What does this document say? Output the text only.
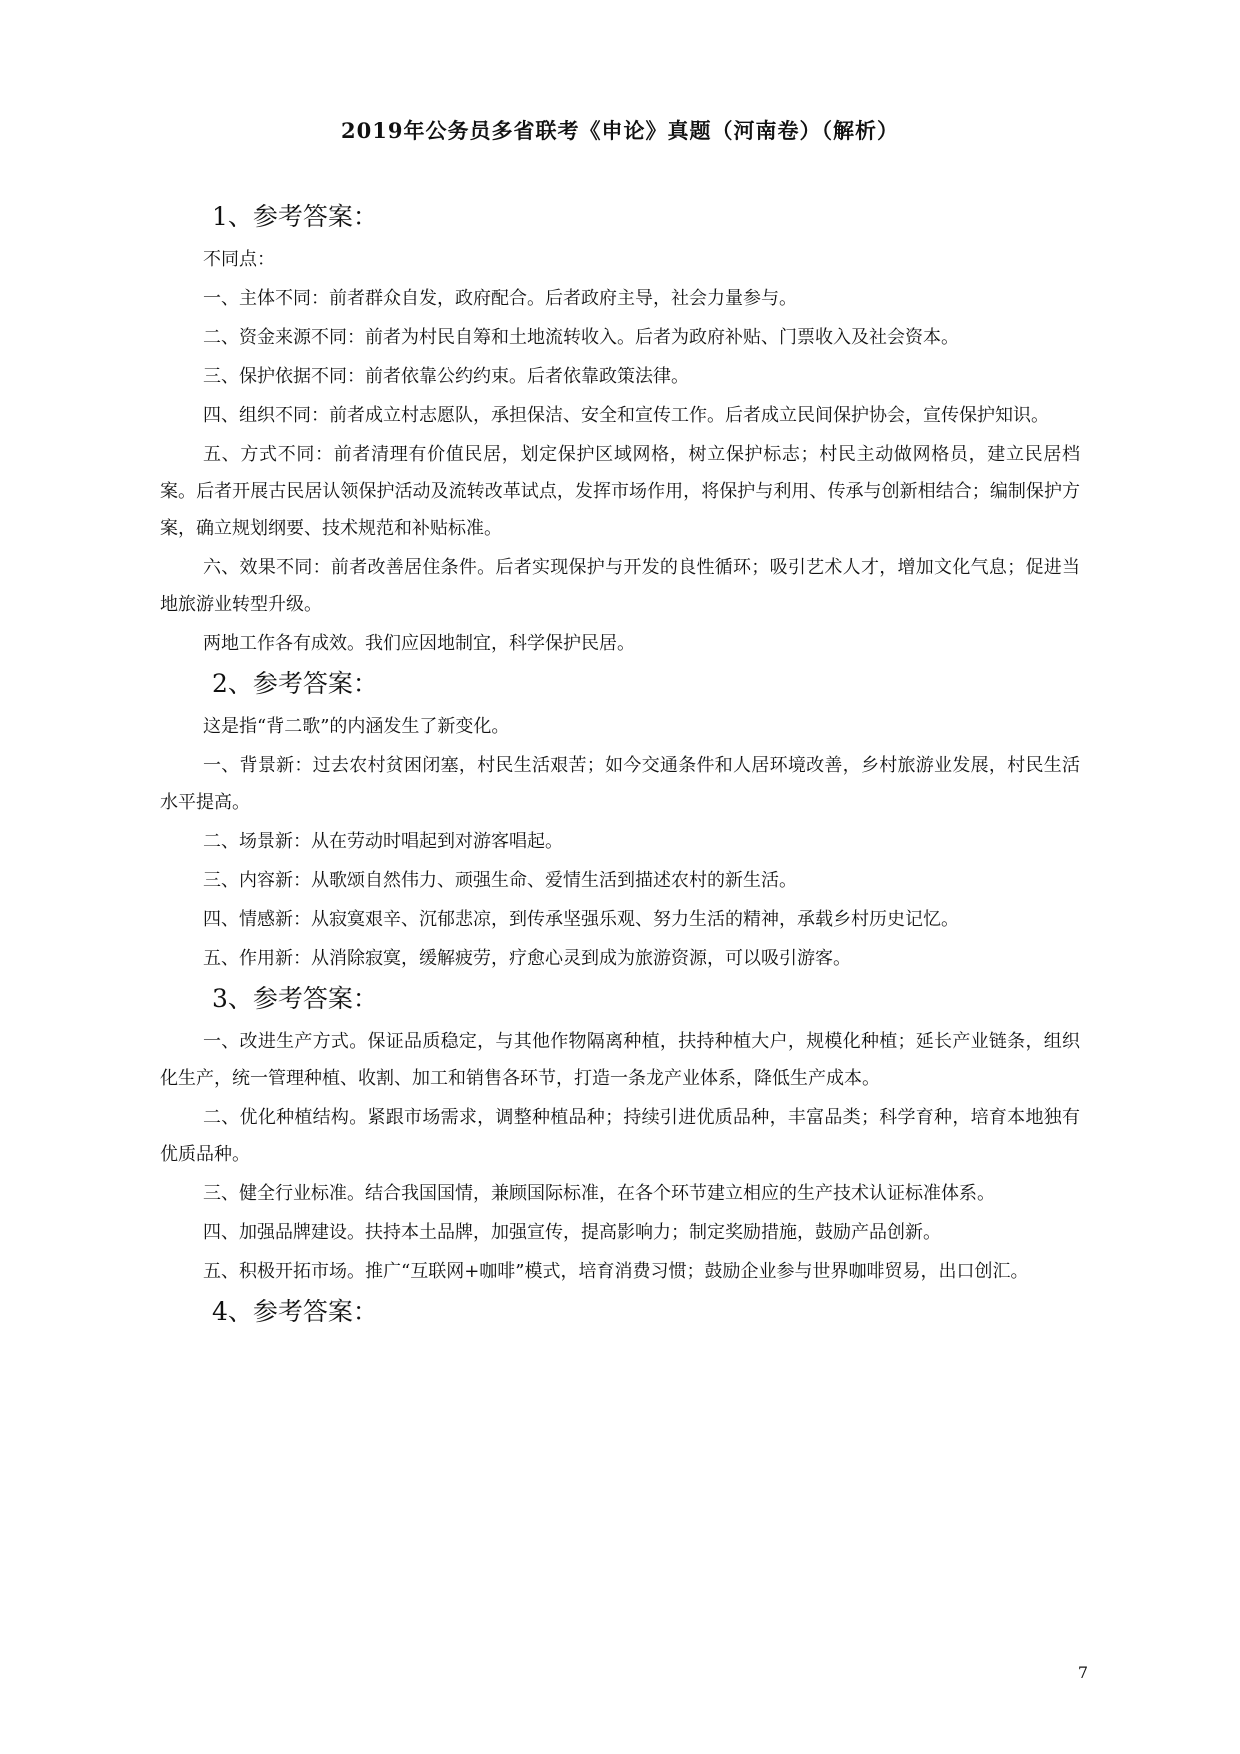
2019年公务员多省联考《申论》真题（河南卷）（解析）
1、参考答案：

不同点：

一、主体不同：前者群众自发，政府配合。后者政府主导，社会力量参与。

二、资金来源不同：前者为村民自筹和土地流转收入。后者为政府补贴、门票收入及社会资本。

三、保护依据不同：前者依靠公约约束。后者依靠政策法律。

四、组织不同：前者成立村志愿队，承担保洁、安全和宣传工作。后者成立民间保护协会，宣传保护知识。

五、方式不同：前者清理有价值民居，划定保护区域网格，树立保护标志；村民主动做网格员，建立民居档案。后者开展古民居认领保护活动及流转改革试点，发挥市场作用，将保护与利用、传承与创新相结合；编制保护方案，确立规划纲要、技术规范和补贴标准。

六、效果不同：前者改善居住条件。后者实现保护与开发的良性循环；吸引艺术人才，增加文化气息；促进当地旅游业转型升级。

两地工作各有成效。我们应因地制宜，科学保护民居。

2、参考答案：

这是指“背二歌”的内涵发生了新变化。

一、背景新：过去农村贫困闭塞，村民生活艰苦；如今交通条件和人居环境改善，乡村旅游业发展，村民生活水平提高。

二、场景新：从在劳动时唱起到对游客唱起。

三、内容新：从歌颂自然伟力、顽强生命、爱情生活到描述农村的新生活。

四、情感新：从寂寞艰辛、沉郁悲凉，到传承坚强乐观、努力生活的精神，承载乡村历史记忆。

五、作用新：从消除寂寞，缓解疲劳，疗愈心灵到成为旅游资源，可以吸引游客。

3、参考答案：

一、改进生产方式。保证品质稳定，与其他作物隔离种植，扶持种植大户，规模化种植；延长产业链条，组织化生产，统一管理种植、收割、加工和销售各环节，打造一条龙产业体系，降低生产成本。

二、优化种植结构。紧跟市场需求，调整种植品种；持续引进优质品种，丰富品类；科学育种，培育本地独有优质品种。

三、健全行业标准。结合我国国情，兼顾国际标准，在各个环节建立相应的生产技术认证标准体系。

四、加强品牌建设。扶持本土品牌，加强宣传，提高影响力；制定奖励措施，鼓励产品创新。

五、积极开拓市场。推广“互联网+咖啡”模式，培育消费习惯；鼓励企业参与世界咖啡贸易，出口创汇。

4、参考答案：
7
